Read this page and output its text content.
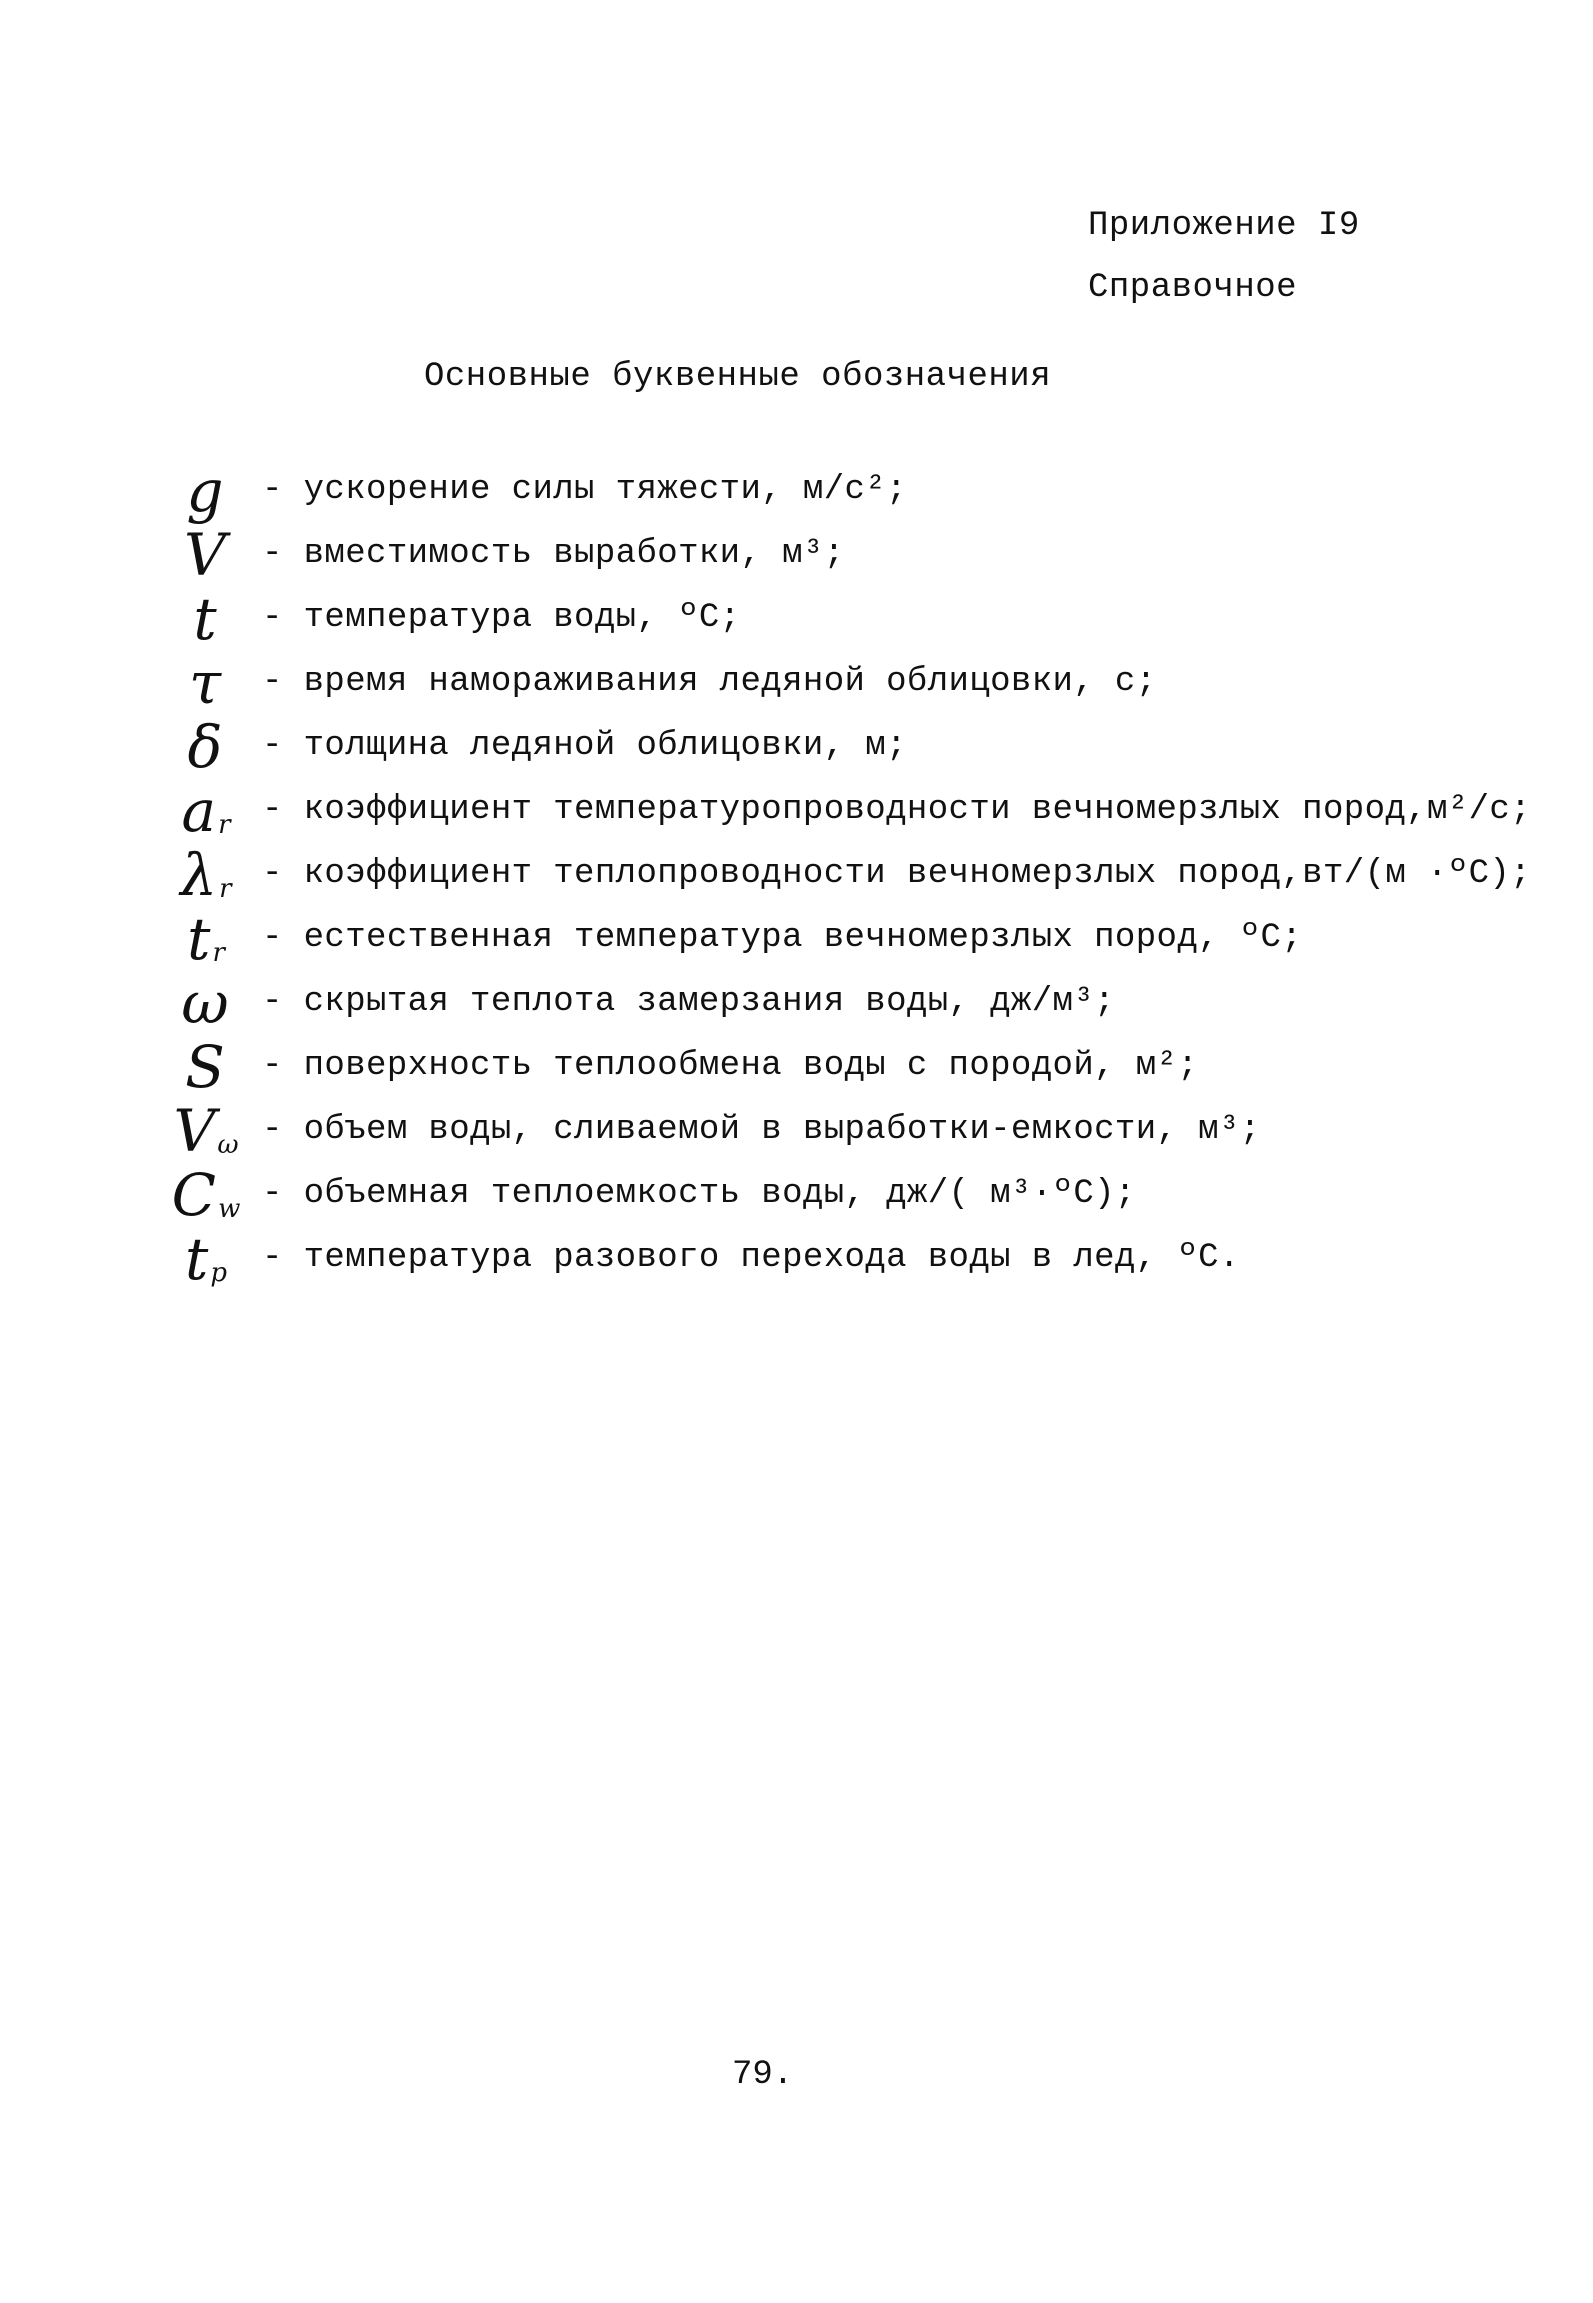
Приложение I9
Справочное
Основные буквенные обозначения
g - ускорение силы тяжести, м/с²;
V - вместимость выработки, м³;
t - температура воды, ºС;
τ - время намораживания ледяной облицовки, с;
δ - толщина ледяной облицовки, м;
a r - коэффициент температуропроводности вечномерзлых пород,м²/с;
λ r - коэффициент теплопроводности вечномерзлых пород,вт/(м ·ºС);
t r - естественная температура вечномерзлых пород, ºС;
ω - скрытая теплота замерзания воды, дж/м³;
S - поверхность теплообмена воды с породой, м²;
V ω - объем воды, сливаемой в выработки-емкости, м³;
C w - объемная теплоемкость воды, дж/( м³·ºС);
t p - температура разового перехода воды в лед, ºС.
79.
